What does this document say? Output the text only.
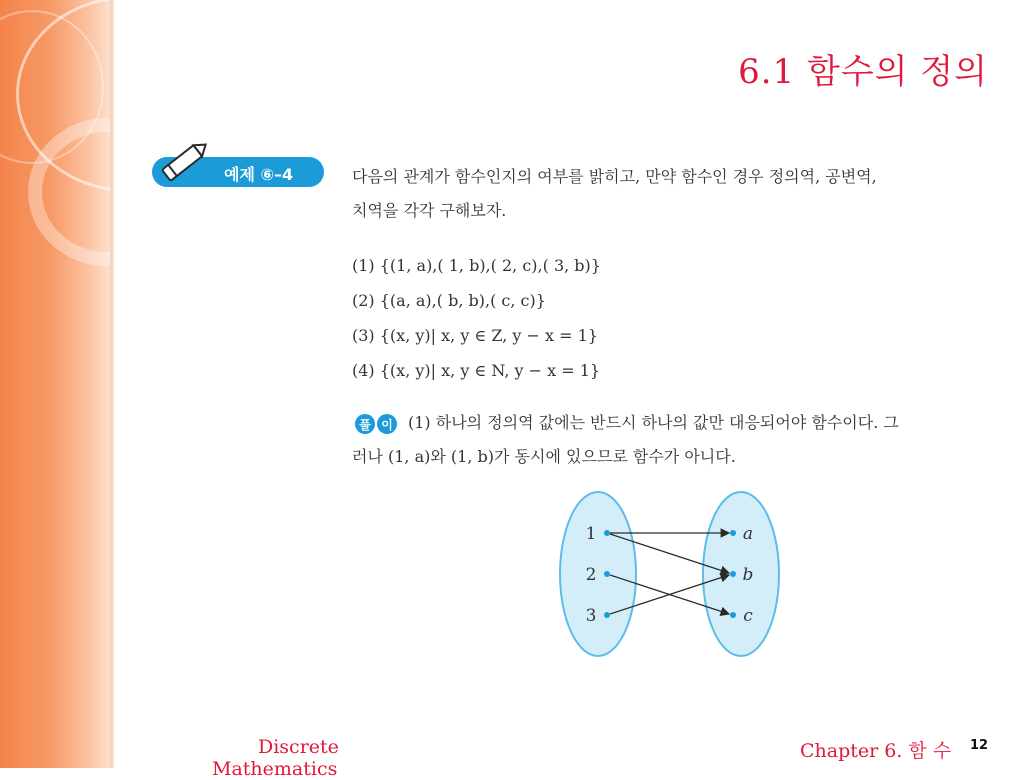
6.1 함수의 정의
예제 ⑥–4	다음의 관계가 함수인지의 여부를 밝히고, 만약 함수인 경우 정의역, 공변역,
치역을 각각 구해보자.
(1) {(1, a),( 1, b),( 2, c),( 3, b)}
(2) {(a, a),( b, b),( c, c)}
(3) {(x, y)| x, y ∈ Z, y − x = 1}
(4) {(x, y)| x, y ∈ N, y − x = 1}
풀 이 (1) 하나의 정의역 값에는 반드시 하나의 값만 대응되어야 함수이다. 그
러나 (1, a)와 (1, b)가 동시에 있으므로 함수가 아니다.
1
2
3
a
b
c
Discrete
Mathematics
Chapter 6. 함 수 12
